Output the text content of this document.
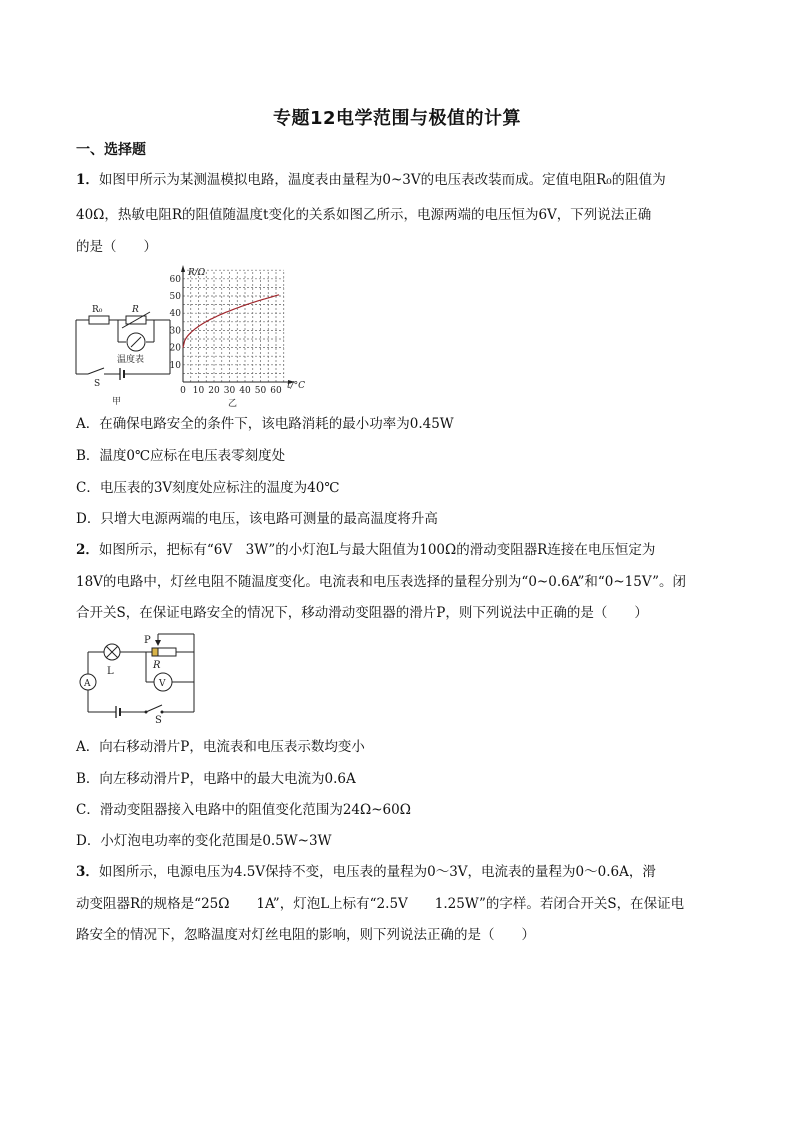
专题12电学范围与极值的计算
一、选择题
1．如图甲所示为某测温模拟电路，温度表由量程为0~3V的电压表改装而成。定值电阻R₀的阻值为
40Ω，热敏电阻R的阻值随温度t变化的关系如图乙所示，电源两端的电压恒为6V，下列说法正确
的是（　　）
R₀	R
温度表
S
甲
10
20
30
40
50
60
0 10 20 30 40 50 60
R/Ω
t/°C
乙
A．在确保电路安全的条件下，该电路消耗的最小功率为0.45W
B．温度0℃应标在电压表零刻度处
C．电压表的3V刻度处应标注的温度为40℃
D．只增大电源两端的电压，该电路可测量的最高温度将升高
2．如图所示，把标有“6V　3W”的小灯泡L与最大阻值为100Ω的滑动变阻器R连接在电压恒定为
18V的电路中，灯丝电阻不随温度变化。电流表和电压表选择的量程分别为“0~0.6A”和“0~15V”。闭
合开关S，在保证电路安全的情况下，移动滑动变阻器的滑片P，则下列说法中正确的是（　　）
P
R
L
A	V
S
A．向右移动滑片P，电流表和电压表示数均变小
B．向左移动滑片P，电路中的最大电流为0.6A
C．滑动变阻器接入电路中的阻值变化范围为24Ω~60Ω
D．小灯泡电功率的变化范围是0.5W~3W
3．如图所示，电源电压为4.5V保持不变，电压表的量程为0～3V，电流表的量程为0～0.6A，滑
动变阻器R的规格是“25Ω　　1A”，灯泡L上标有“2.5V　　1.25W”的字样。若闭合开关S，在保证电
路安全的情况下，忽略温度对灯丝电阻的影响，则下列说法正确的是（　　）
